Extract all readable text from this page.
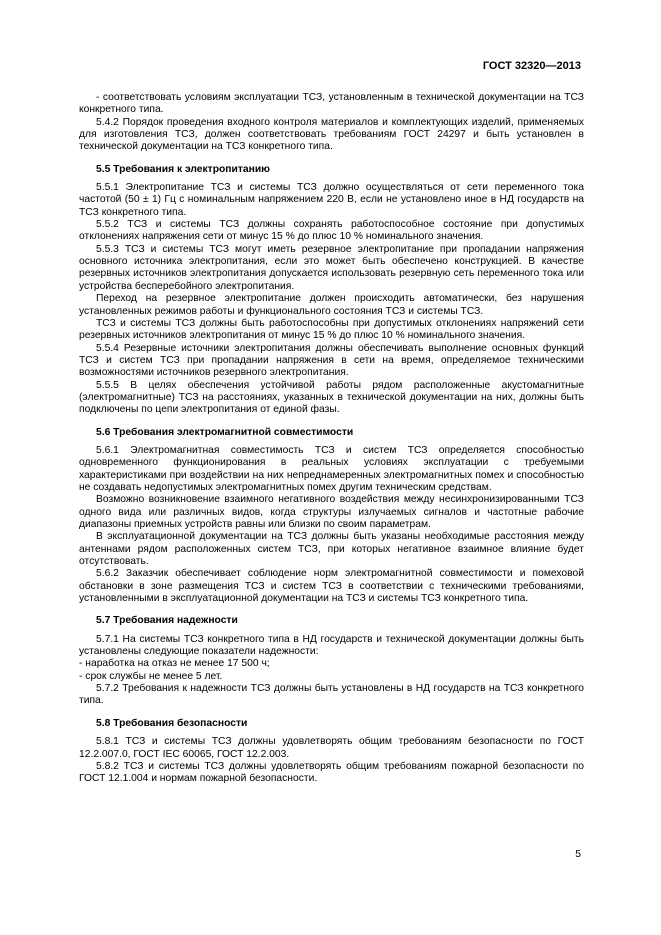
ГОСТ 32320—2013

- соответствовать условиям эксплуатации ТСЗ, установленным в технической документации на ТСЗ конкретного типа.

5.4.2 Порядок проведения входного контроля материалов и комплектующих изделий, применяемых для изготовления ТСЗ, должен соответствовать требованиям ГОСТ 24297 и быть установлен в технической документации на ТСЗ конкретного типа.

5.5 Требования к электропитанию

5.5.1 Электропитание ТСЗ и системы ТСЗ должно осуществляться от сети переменного тока частотой (50 ± 1) Гц с номинальным напряжением 220 В, если не установлено иное в НД государств на ТСЗ конкретного типа.

5.5.2 ТСЗ и системы ТСЗ должны сохранять работоспособное состояние при допустимых отклонениях напряжения сети от минус 15 % до плюс 10 % номинального значения.

5.5.3 ТСЗ и системы ТСЗ могут иметь резервное электропитание при пропадании напряжения основного источника электропитания, если это может быть обеспечено конструкцией. В качестве резервных источников электропитания допускается использовать резервную сеть переменного тока или устройства бесперебойного электропитания.

Переход на резервное электропитание должен происходить автоматически, без нарушения установленных режимов работы и функционального состояния ТСЗ и системы ТСЗ.

ТСЗ и системы ТСЗ должны быть работоспособны при допустимых отклонениях напряжений сети резервных источников электропитания от минус 15 % до плюс 10 % номинального значения.

5.5.4 Резервные источники электропитания должны обеспечивать выполнение основных функций ТСЗ и систем ТСЗ при пропадании напряжения в сети на время, определяемое техническими возможностями источников резервного электропитания.

5.5.5 В целях обеспечения устойчивой работы рядом расположенные акустомагнитные (электромагнитные) ТСЗ на расстояниях, указанных в технической документации на них, должны быть подключены по цепи электропитания от единой фазы.

5.6 Требования электромагнитной совместимости

5.6.1 Электромагнитная совместимость ТСЗ и систем ТСЗ определяется способностью одновременного функционирования в реальных условиях эксплуатации с требуемыми характеристиками при воздействии на них непреднамеренных электромагнитных помех и способностью не создавать недопустимых электромагнитных помех другим техническим средствам.

Возможно возникновение взаимного негативного воздействия между несинхронизированными ТСЗ одного вида или различных видов, когда структуры излучаемых сигналов и частотные рабочие диапазоны приемных устройств равны или близки по своим параметрам.

В эксплуатационной документации на ТСЗ должны быть указаны необходимые расстояния между антеннами рядом расположенных систем ТСЗ, при которых негативное взаимное влияние будет отсутствовать.

5.6.2 Заказчик обеспечивает соблюдение норм электромагнитной совместимости и помеховой обстановки в зоне размещения ТСЗ и систем ТСЗ в соответствии с техническими требованиями, установленными в эксплуатационной документации на ТСЗ и системы ТСЗ конкретного типа.

5.7 Требования надежности

5.7.1 На системы ТСЗ конкретного типа в НД государств и технической документации должны быть установлены следующие показатели надежности:

- наработка на отказ не менее 17 500 ч;

- срок службы не менее 5 лет.

5.7.2 Требования к надежности ТСЗ должны быть установлены в НД государств на ТСЗ конкретного типа.

5.8 Требования безопасности

5.8.1 ТСЗ и системы ТСЗ должны удовлетворять общим требованиям безопасности по ГОСТ 12.2.007.0, ГОСТ IEC 60065, ГОСТ 12.2.003.

5.8.2 ТСЗ и системы ТСЗ должны удовлетворять общим требованиям пожарной безопасности по ГОСТ 12.1.004 и нормам пожарной безопасности.

5
